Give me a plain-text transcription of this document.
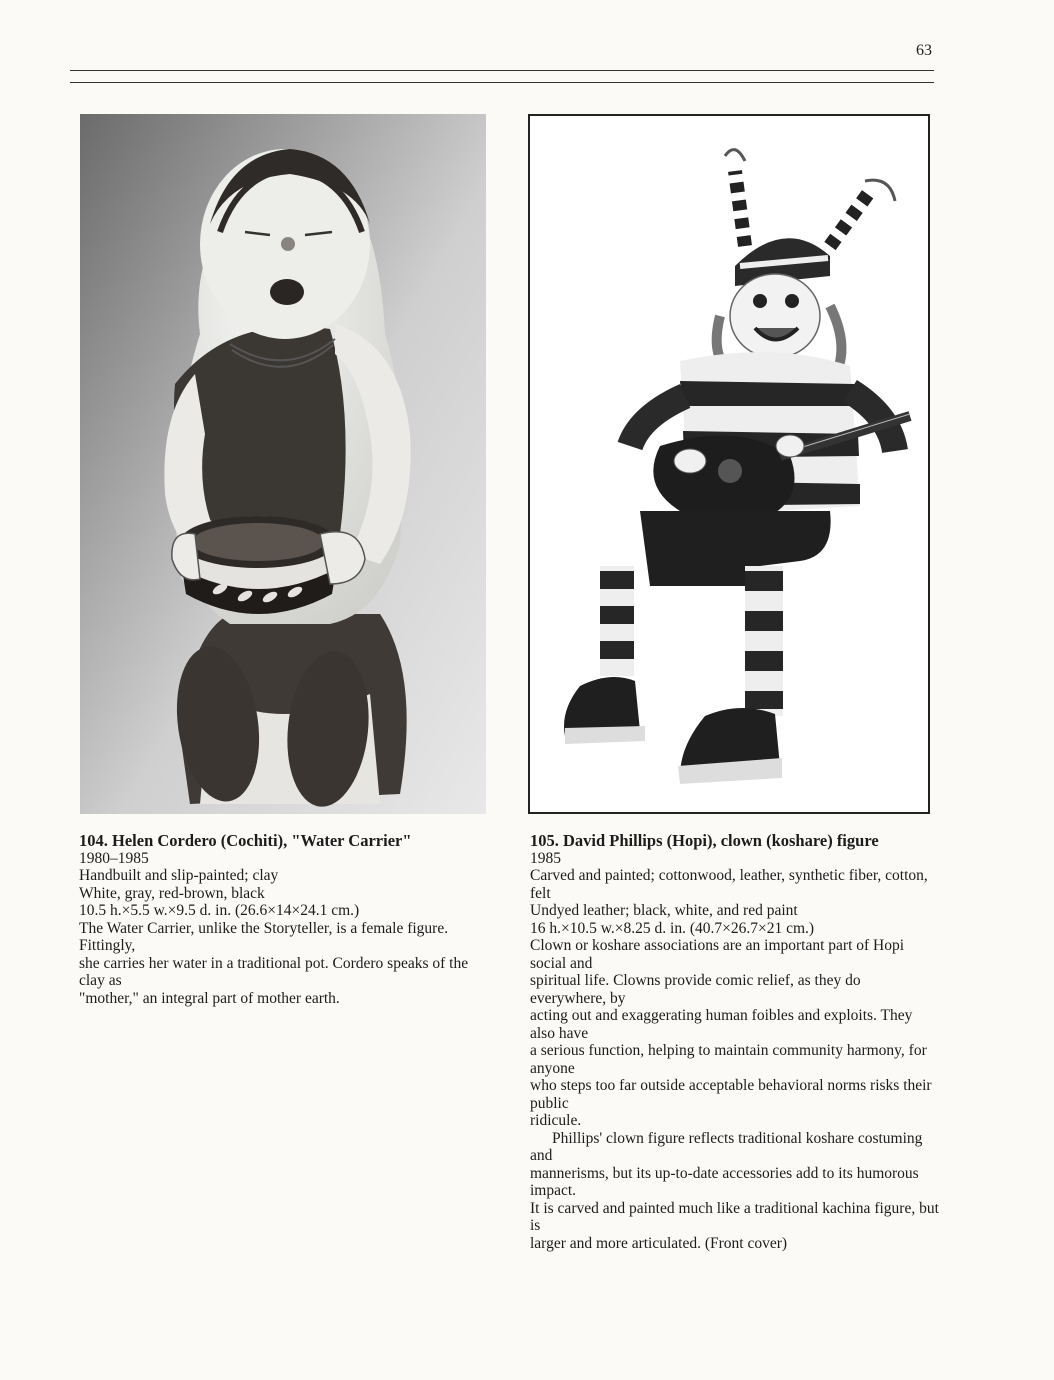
63

104. Helen Cordero (Cochiti), "Water Carrier"

1980–1985

Handbuilt and slip-painted; clay

White, gray, red-brown, black

10.5 h.×5.5 w.×9.5 d. in. (26.6×14×24.1 cm.)

The Water Carrier, unlike the Storyteller, is a female figure. Fittingly,

she carries her water in a traditional pot. Cordero speaks of the clay as

"mother," an integral part of mother earth.

105. David Phillips (Hopi), clown (koshare) figure

1985

Carved and painted; cottonwood, leather, synthetic fiber, cotton, felt

Undyed leather; black, white, and red paint

16 h.×10.5 w.×8.25 d. in. (40.7×26.7×21 cm.)

Clown or koshare associations are an important part of Hopi social and

spiritual life. Clowns provide comic relief, as they do everywhere, by

acting out and exaggerating human foibles and exploits. They also have

a serious function, helping to maintain community harmony, for anyone

who steps too far outside acceptable behavioral norms risks their public

ridicule.

Phillips' clown figure reflects traditional koshare costuming and

mannerisms, but its up-to-date accessories add to its humorous impact.

It is carved and painted much like a traditional kachina figure, but is

larger and more articulated. (Front cover)
